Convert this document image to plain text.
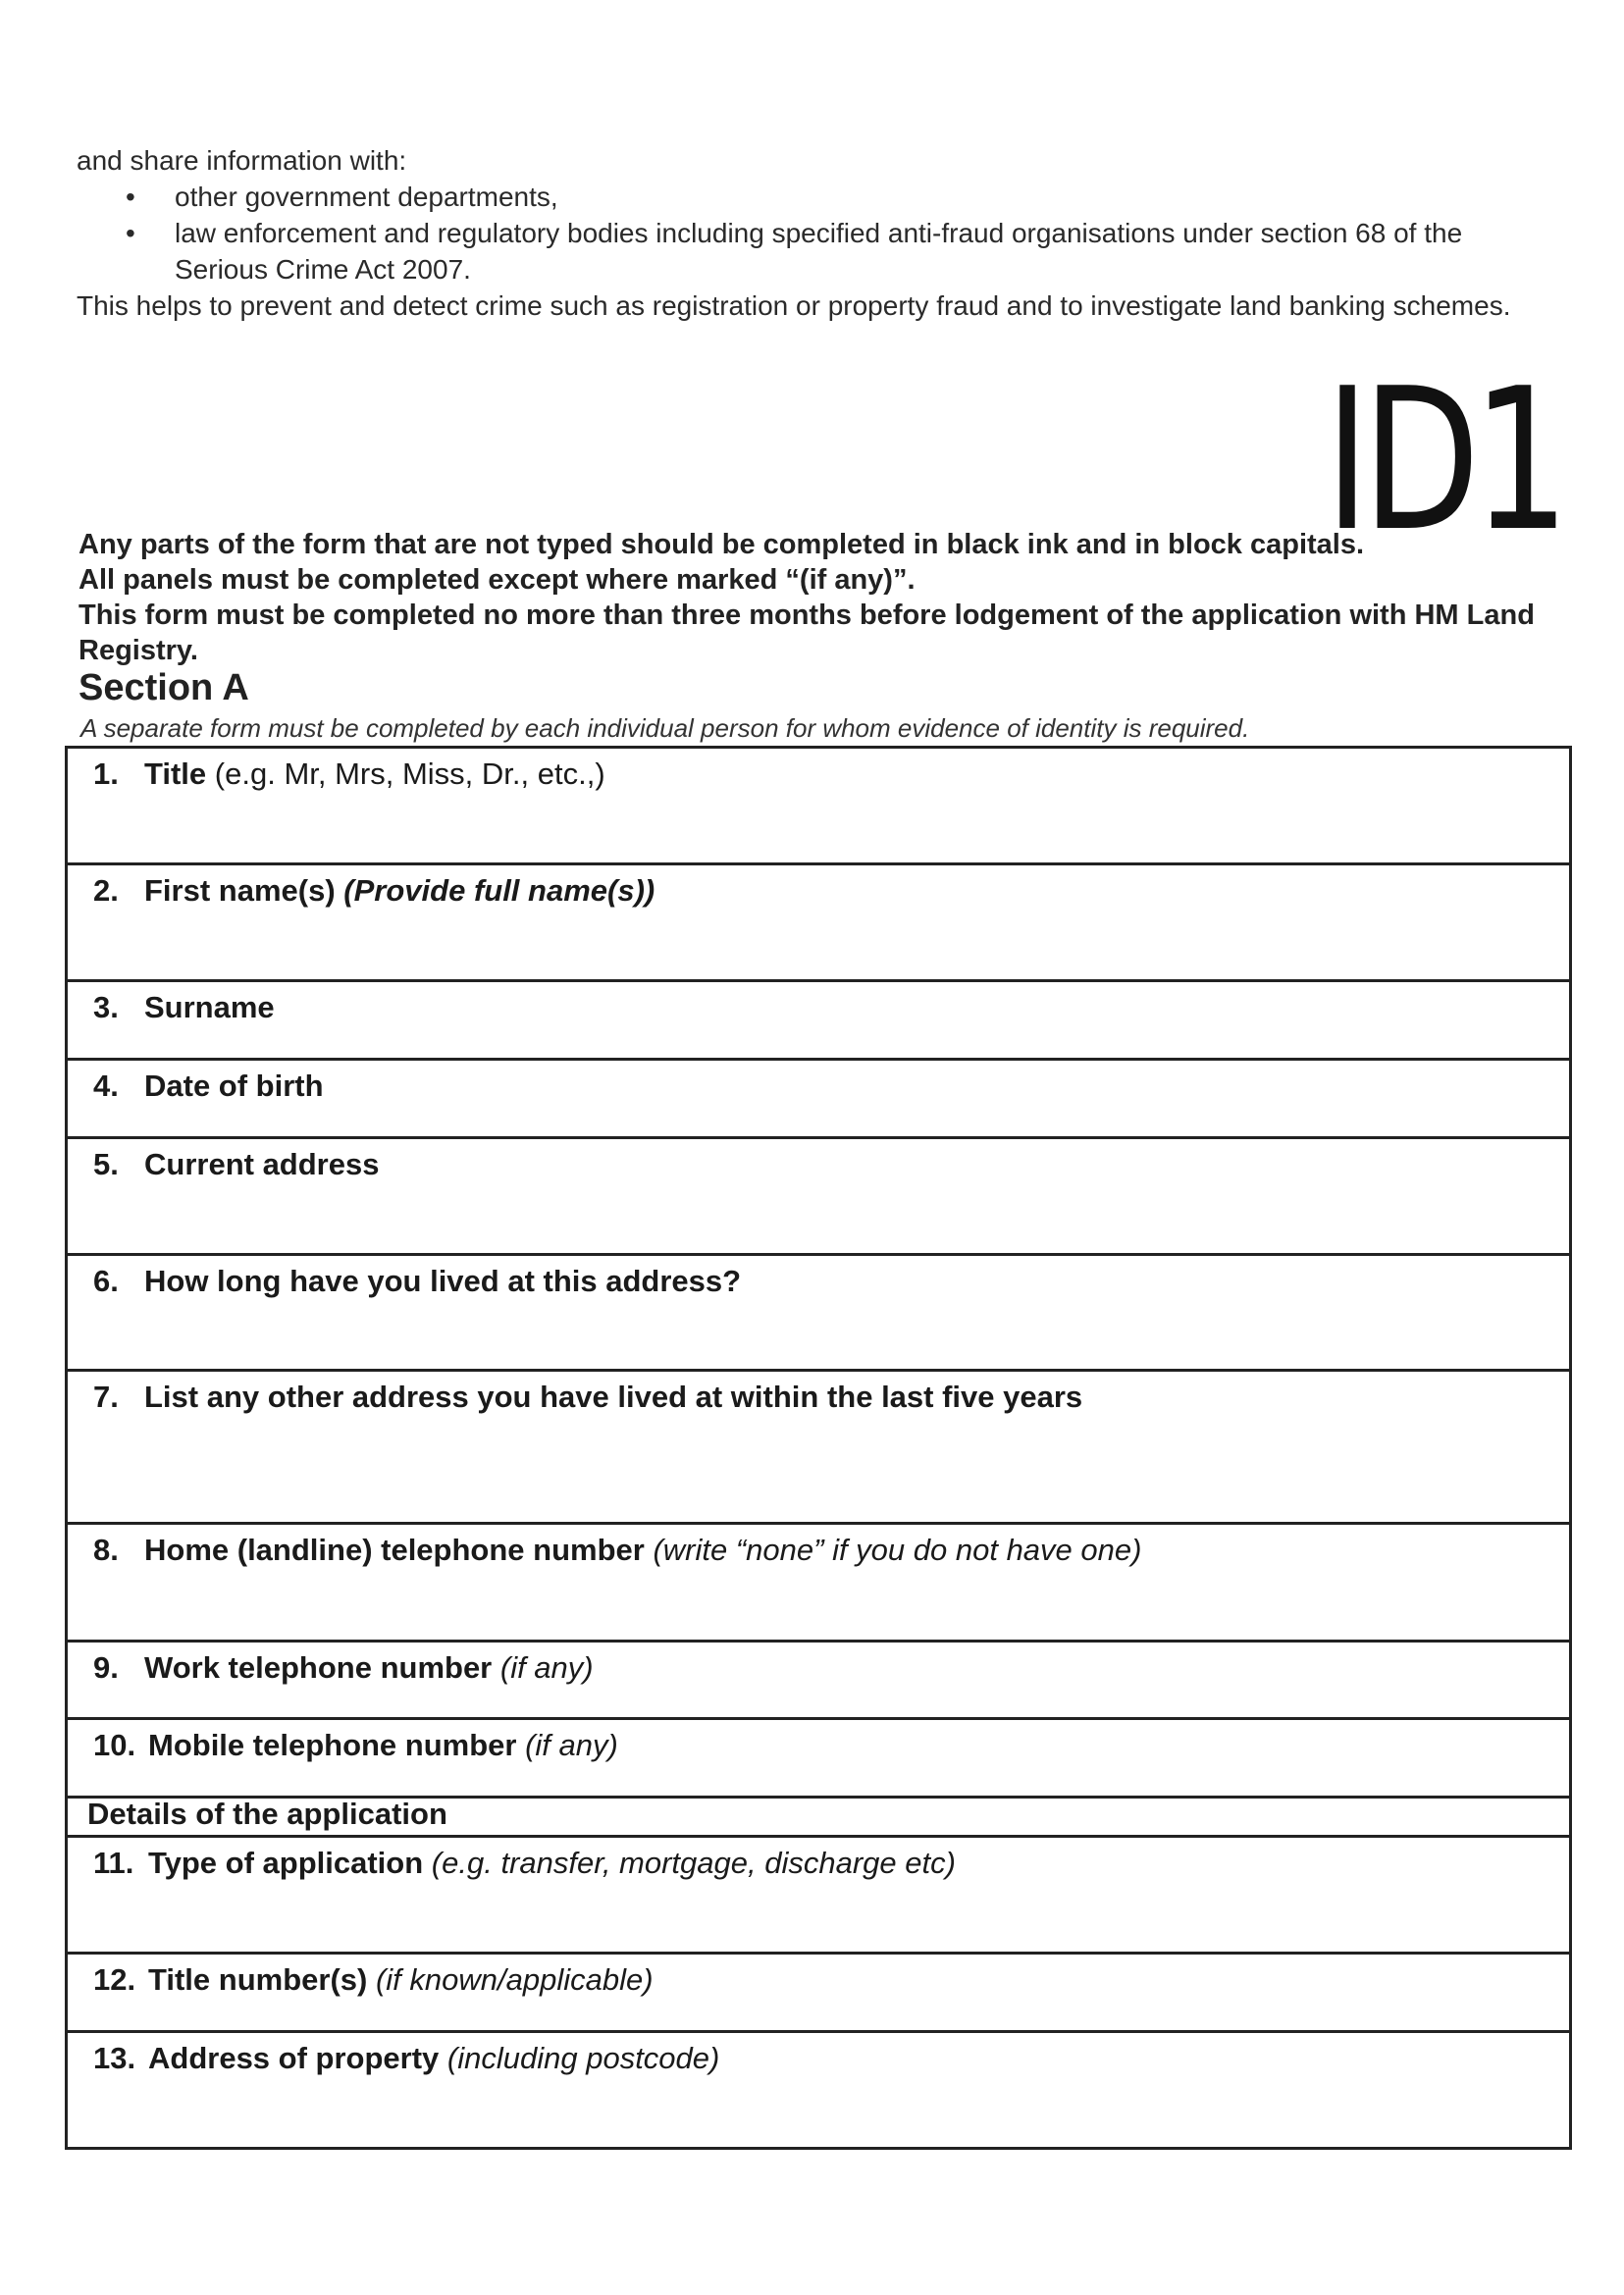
and share information with:

• other government departments,
• law enforcement and regulatory bodies including specified anti-fraud organisations under section 68 of the Serious Crime Act 2007.

This helps to prevent and detect crime such as registration or property fraud and to investigate land banking schemes.

ID1

Any parts of the form that are not typed should be completed in black ink and in block capitals.

All panels must be completed except where marked “(if any)”.

This form must be completed no more than three months before lodgement of the application with HM Land Registry.

Section A

A separate form must be completed by each individual person for whom evidence of identity is required.

1. Title (e.g. Mr, Mrs, Miss, Dr., etc.,)
2. First name(s) (Provide full name(s))
3. Surname
4. Date of birth
5. Current address
6. How long have you lived at this address?
7. List any other address you have lived at within the last five years
8. Home (landline) telephone number (write “none” if you do not have one)
9. Work telephone number (if any)
10. Mobile telephone number (if any)
Details of the application
11. Type of application (e.g. transfer, mortgage, discharge etc)
12. Title number(s) (if known/applicable)
13. Address of property (including postcode)
